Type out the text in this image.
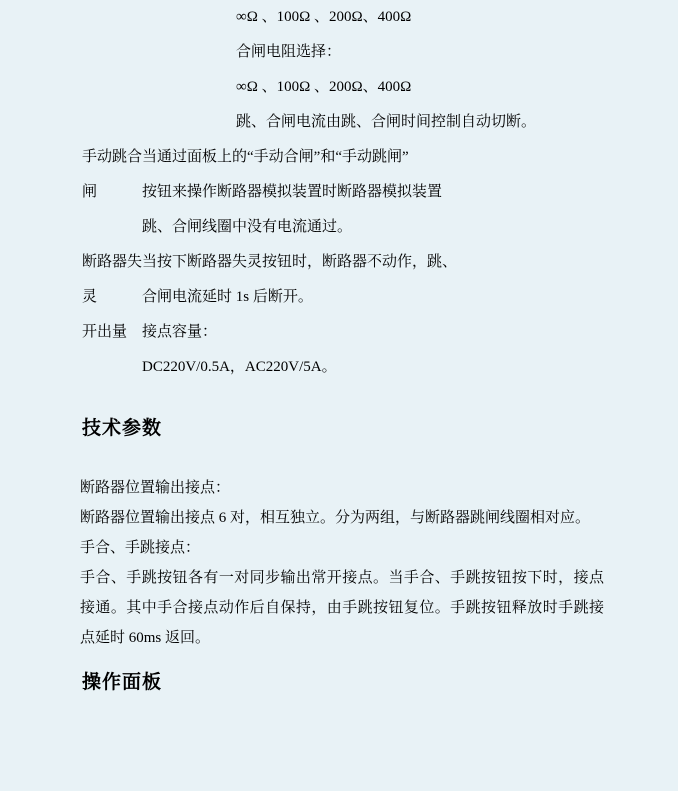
∞Ω 、100Ω 、200Ω、400Ω
合闸电阻选择：
∞Ω 、100Ω 、200Ω、400Ω
跳、合闸电流由跳、合闸时间控制自动切断。
手动跳合闸
当通过面板上的“手动合闸”和“手动跳闸”
按钮来操作断路器模拟装置时断路器模拟装置
跳、合闸线圈中没有电流通过。
断路器失灵
当按下断路器失灵按钮时，断路器不动作，跳、
合闸电流延时 1s 后断开。
开出量 接点容量：
DC220V/0.5A，AC220V/5A。
技术参数

断路器位置输出接点：

断路器位置输出接点 6 对，相互独立。分为两组，与断路器跳闸线圈相对应。

手合、手跳接点：

手合、手跳按钮各有一对同步输出常开接点。当手合、手跳按钮按下时，接点接通。其中手合接点动作后自保持，由手跳按钮复位。手跳按钮释放时手跳接点延时 60ms 返回。

操作面板
